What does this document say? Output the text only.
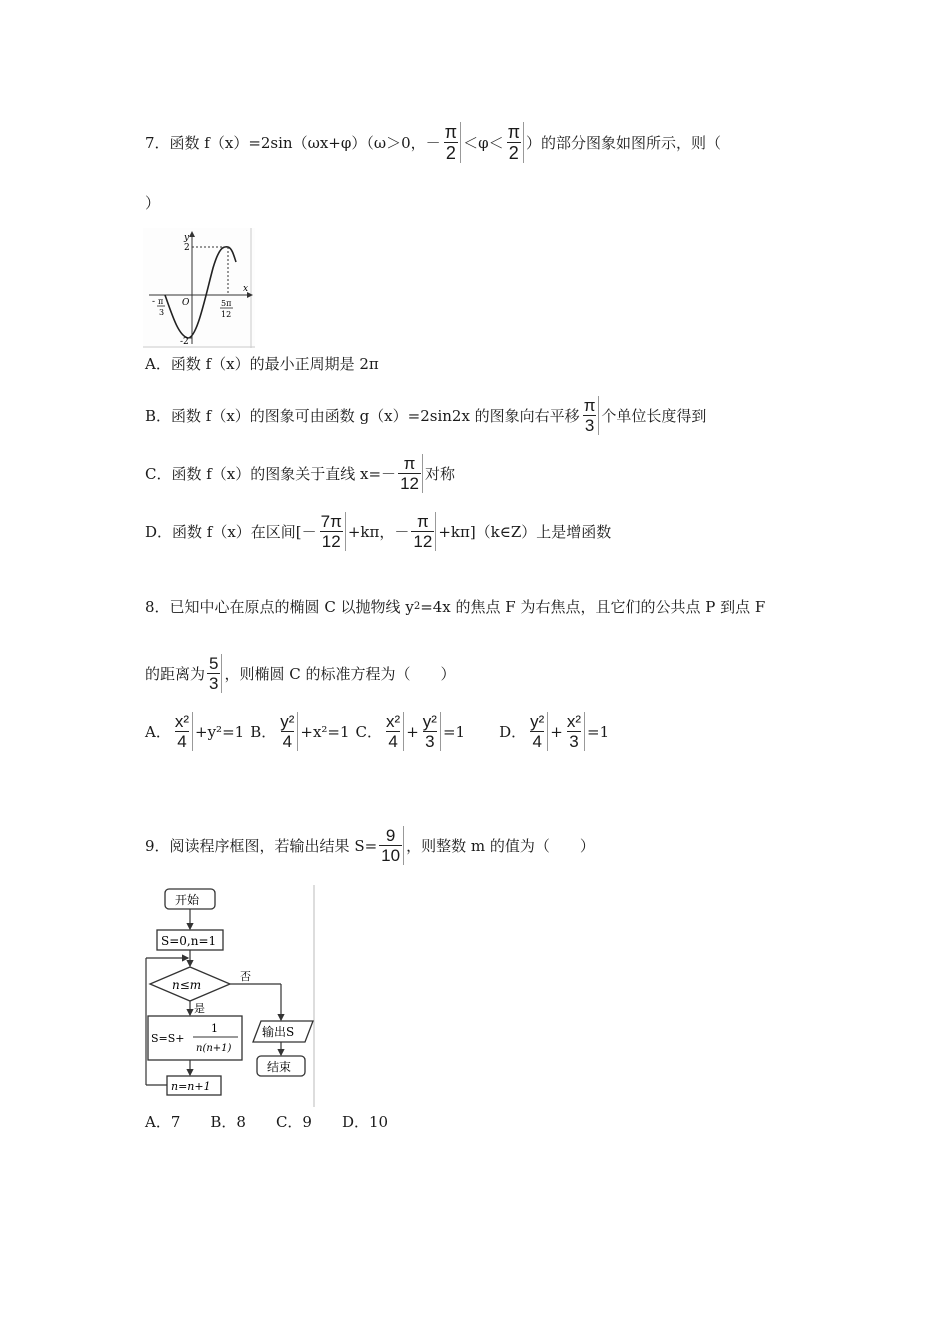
7．函数 f（x）=2sin（ωx+φ）（ω＞0，－ $\frac{\pi}{2} <\varphi< \frac{\pi}{2}$ ）的部分图象如图所示，则（
）
y
x
2
-2
O
- π
3
5π
12
A．函数 f（x）的最小正周期是 2π
B．函数 f（x）的图象可由函数 g（x）=2sin2x 的图象向右平移 $\frac{\pi}{3}$ 个单位长度得到
C．函数 f（x）的图象关于直线 $x=- \frac{\pi}{12}$ 对称
D．函数 f（x）在区间[－ $\frac{7\pi}{12} +k\pi$，－ $\frac{\pi}{12}$ +kπ]（k∈Z）上是增函数
8．已知中心在原点的椭圆 C 以抛物线 y 2 =4x 的焦点 F 为右焦点，且它们的公共点 P 到点 F
的距离为 $\frac{5}{3}$ ，则椭圆 C 的标准方程为（　　）
A． $\frac{\text{x²}}{4} +y^2=1$ B． $\frac{\text{y²}}{4} +x^2=1$ C． $\frac{\text{x²}}{4} + \frac{\text{y²}}{3} =1$ D． $\frac{\text{y²}}{4} + \frac{\text{x²}}{3} =1$
9．阅读程序框图，若输出结果 $S= \frac{9}{10}$ ，则整数 m 的值为（　　）
开始
S=0,n=1
n≤m
否
是
S=S+
1
n(n+1)
n=n+1
输出S
结束
A．7　　B．8　　C．9　　D．10
